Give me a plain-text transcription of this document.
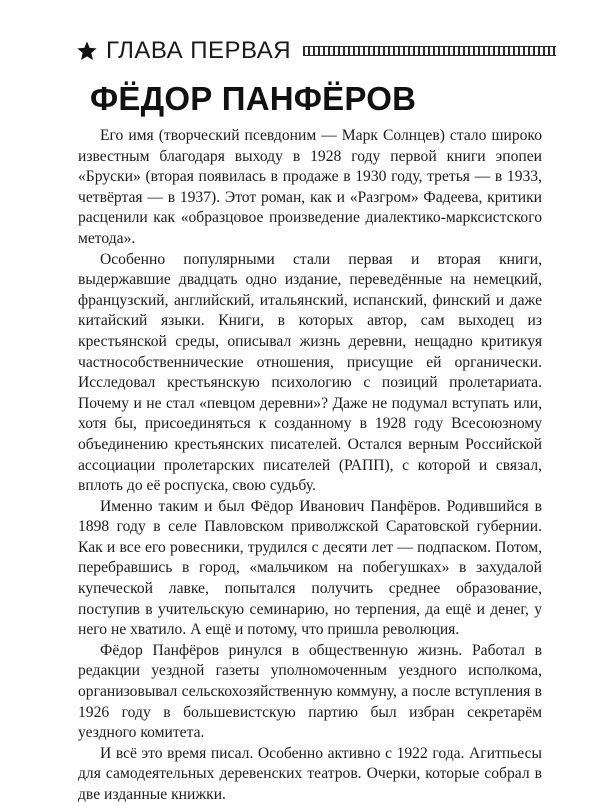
ГЛАВА ПЕРВАЯ
ФЁДОР ПАНФЁРОВ

Его имя (творческий псевдоним — Марк Солнцев) стало широко известным благодаря выходу в 1928 году первой книги эпопеи «Бруски» (вторая появилась в продаже в 1930 году, третья — в 1933, четвёртая — в 1937). Этот роман, как и «Разгром» Фадеева, критики расценили как «образцовое произведение диалектико-марксистского метода».

Особенно популярными стали первая и вторая книги, выдержавшие двадцать одно издание, переведённые на немецкий, французский, английский, итальянский, испанский, финский и даже китайский языки. Книги, в которых автор, сам выходец из крестьянской среды, описывал жизнь деревни, нещадно критикуя частнособственнические отношения, присущие ей органически. Исследовал крестьянскую психологию с позиций пролетариата. Почему и не стал «певцом деревни»? Даже не подумал вступать или, хотя бы, присоединяться к созданному в 1928 году Всесоюзному объединению крестьянских писателей. Остался верным Российской ассоциации пролетарских писателей (РАПП), с которой и связал, вплоть до её роспуска, свою судьбу.

Именно таким и был Фёдор Иванович Панфёров. Родившийся в 1898 году в селе Павловском приволжской Саратовской губернии. Как и все его ровесники, трудился с десяти лет — подпаском. Потом, перебравшись в город, «мальчиком на побегушках» в захудалой купеческой лавке, попытался получить среднее образование, поступив в учительскую семинарию, но терпения, да ещё и денег, у него не хватило. А ещё и потому, что пришла революция.

Фёдор Панфёров ринулся в общественную жизнь. Работал в редакции уездной газеты уполномоченным уездного исполкома, организовывал сельскохозяйственную коммуну, а после вступления в 1926 году в большевистскую партию был избран секретарём уездного комитета.

И всё это время писал. Особенно активно с 1922 года. Агитпьесы для самодеятельных деревенских театров. Очерки, которые собрал в две изданные книжки.
